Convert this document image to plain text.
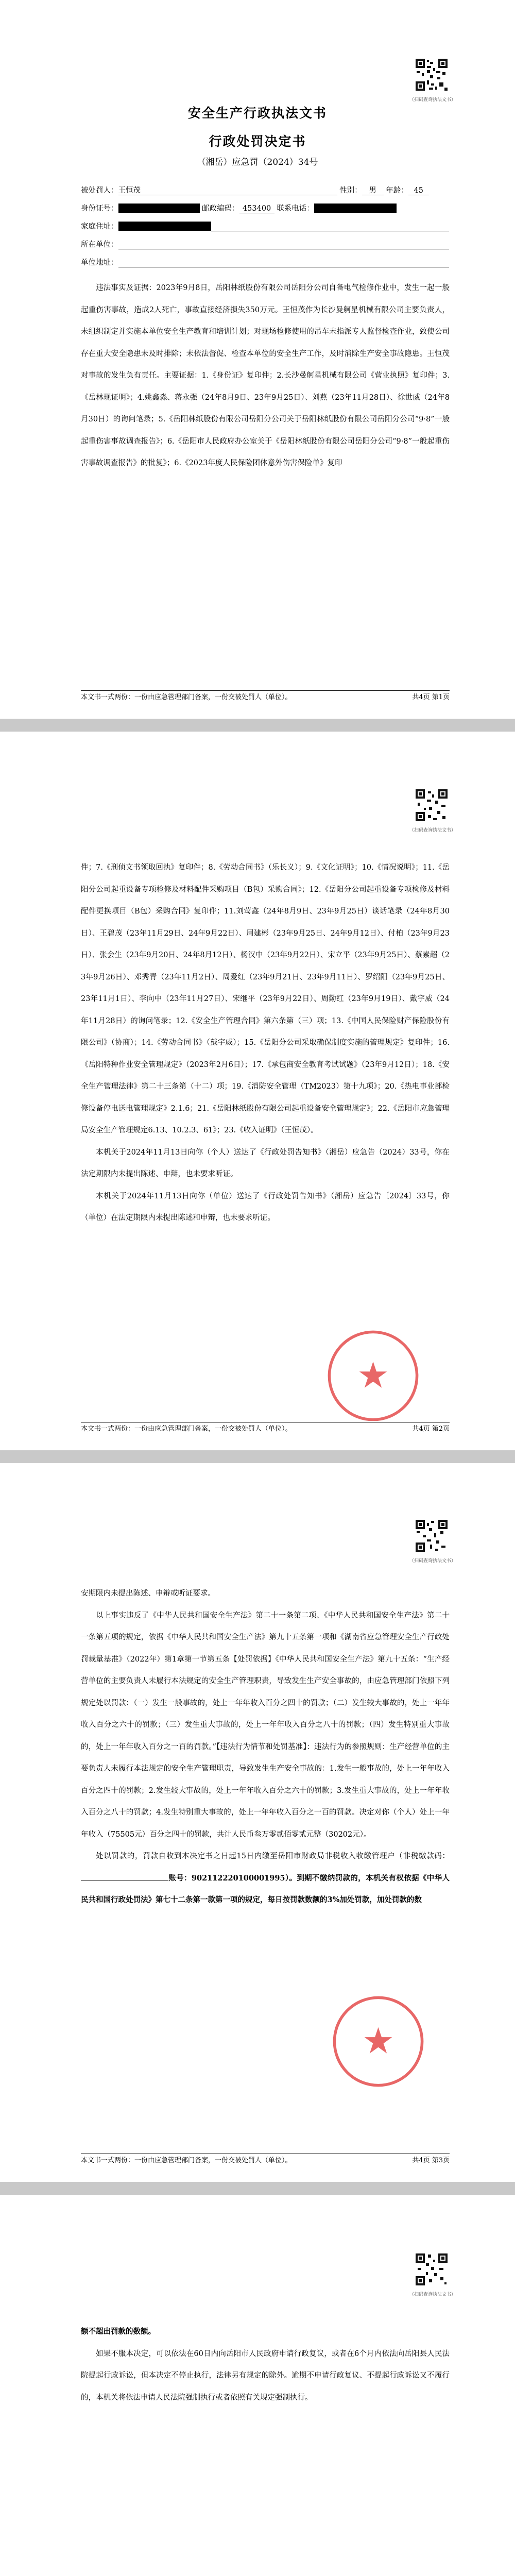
（扫码查询执法文书）
安全生产行政执法文书
行政处罚决定书
（湘岳）应急罚（2024）34号
被处罚人：王恒茂	性别： 男 年龄： 45
身份证号：	邮政编码： 453400 联系电话：
家庭住址：
所在单位：
单位地址：

违法事实及证据：2023年9月8日，岳阳林纸股份有限公司岳阳分公司自备电气检修作业中，发生一起一般起重伤害事故，造成2人死亡，事故直接经济损失350万元。王恒茂作为长沙曼舸星机械有限公司主要负责人，未组织制定并实施本单位安全生产教育和培训计划；对现场检修使用的吊车未指派专人监督检查作业，致使公司存在重大安全隐患未及时排除；未依法督促、检查本单位的安全生产工作，及时消除生产安全事故隐患。王恒茂对事故的发生负有责任。主要证据：1.《身份证》复印件；2.长沙曼舸星机械有限公司《营业执照》复印件；3.《岳林现证明》；4.姚鑫淼、蒋永强（24年8月9日、23年9月25日）、刘燕（23年11月28日）、徐世威（24年8月30日）的询问笔录；5.《岳阳林纸股份有限公司岳阳分公司关于岳阳林纸股份有限公司岳阳分公司“9·8”一般起重伤害事故调查报告》；6.《岳阳市人民政府办公室关于《岳阳林纸股份有限公司岳阳分公司“9·8”一般起重伤害事故调查报告》的批复》；6.《2023年度人民保险团体意外伤害保险单》复印

本文书一式两份：一份由应急管理部门备案，一份交被处罚人（单位）。	共4页 第1页
（扫码查询执法文书）

件；7.《刑侦文书领取回执》复印件；8.《劳动合同书》（乐长义）；9.《文化证明》；10.《情况说明》；11.《岳阳分公司起重设备专项检修及材料配件采购项目（B包）采购合同》；12.《岳阳分公司起重设备专项检修及材料配件更换项目（B包）采购合同》复印件；11.刘莺鑫（24年8月9日、23年9月25日）谈话笔录（24年8月30日）、王碧茂（23年11月29日、24年9月22日）、周建彬（23年9月25日、24年9月12日）、付柏（23年9月23日）、张会生（23年9月20日、24年8月12日）、杨汉中（23年9月22日）、宋立平（23年9月25日）、蔡素超（23年9月26日）、邓秀青（23年11月2日）、周爱红（23年9月21日、23年9月11日）、罗绍阳（23年9月25日、23年11月1日）、李向中（23年11月27日）、宋继平（23年9月22日）、周勤红（23年9月19日）、戴宇威（24年11月28日）的询问笔录；12.《安全生产管理合同》第六条第（三）项；13.《中国人民保险财产保险股份有限公司》（协商）；14.《劳动合同书》（戴宇威）；15.《岳阳分公司采取确保制度实施的管理规定》复印件；16.《岳阳特种作业安全管理规定》（2023年2月6日）；17.《承包商安全教育考试试题》（23年9月12日）；18.《安全生产管理法律》第二十三条第（十二）项；19.《消防安全管理（TM2023）第十九项》；20.《热电事业部检修设备停电送电管理规定》2.1.6；21.《岳阳林纸股份有限公司起重设备安全管理规定》；22.《岳阳市应急管理局安全生产管理规定6.13、10.2.3、61》；23.《收入证明》（王恒茂）。

本机关于2024年11月13日向你（个人）送达了《行政处罚告知书》（湘岳）应急告（2024）33号，你在法定期限内未提出陈述、申辩，也未要求听证。

本机关于2024年11月13日向你（单位）送达了《行政处罚告知书》（湘岳）应急告〔2024〕33号，你（单位）在法定期限内未提出陈述和申辩，也未要求听证。

本文书一式两份：一份由应急管理部门备案，一份交被处罚人（单位）。	共4页 第2页
（扫码查询执法文书）

安期限内未提出陈述、申辩或听证要求。

以上事实违反了《中华人民共和国安全生产法》第二十一条第二项、《中华人民共和国安全生产法》第二十一条第五项的规定，依据《中华人民共和国安全生产法》第九十五条第一项和《湖南省应急管理安全生产行政处罚裁量基准》（2022年）第1章第一节第五条【处罚依据】《中华人民共和国安全生产法》第九十五条：“生产经营单位的主要负责人未履行本法规定的安全生产管理职责，导致发生生产安全事故的，由应急管理部门依照下列规定处以罚款：（一）发生一般事故的，处上一年年收入百分之四十的罚款；（二）发生较大事故的，处上一年年收入百分之六十的罚款；（三）发生重大事故的，处上一年年收入百分之八十的罚款；（四）发生特别重大事故的，处上一年年收入百分之一百的罚款。”【违法行为情节和处罚基准】：违法行为的参照规则：生产经营单位的主要负责人未履行本法规定的安全生产管理职责，导致发生生产安全事故的：1.发生一般事故的，处上一年年收入百分之四十的罚款；2.发生较大事故的，处上一年年收入百分之六十的罚款；3.发生重大事故的，处上一年年收入百分之八十的罚款；4.发生特别重大事故的，处上一年年收入百分之一百的罚款。决定对你（个人）处上一年年收入（75505元）百分之四十的罚款，共计人民币叁万零贰佰零贰元整（30202元）。

处以罚款的，罚款自收到本决定书之日起15日内缴至岳阳市财政局非税收入收缴管理户（非税缴款码：账号：902112220100001995）。到期不缴纳罚款的，本机关有权依据《中华人民共和国行政处罚法》第七十二条第一款第一项的规定，每日按罚款数额的3%加处罚款，加处罚款的数

本文书一式两份：一份由应急管理部门备案，一份交被处罚人（单位）。	共4页 第3页
（扫码查询执法文书）

额不超出罚款的数额。

如果不服本决定，可以依法在60日内向岳阳市人民政府申请行政复议，或者在6个月内依法向岳阳县人民法院提起行政诉讼，但本决定不停止执行，法律另有规定的除外。逾期不申请行政复议、不提起行政诉讼又不履行的，本机关将依法申请人民法院强制执行或者依照有关规定强制执行。
